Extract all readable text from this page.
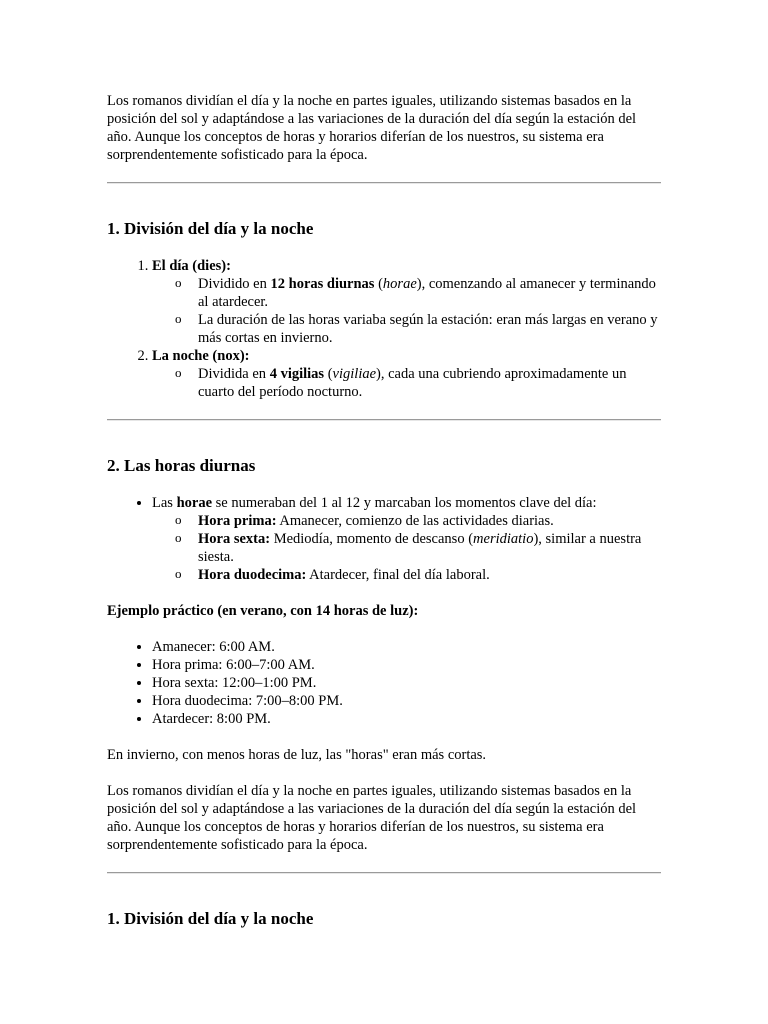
Los romanos dividían el día y la noche en partes iguales, utilizando sistemas basados en la posición del sol y adaptándose a las variaciones de la duración del día según la estación del año. Aunque los conceptos de horas y horarios diferían de los nuestros, su sistema era sorprendentemente sofisticado para la época.

1. División del día y la noche
1. El día (dies):
o Dividido en 12 horas diurnas (horae), comenzando al amanecer y terminando al atardecer.
o La duración de las horas variaba según la estación: eran más largas en verano y más cortas en invierno.
2. La noche (nox):
o Dividida en 4 vigilias (vigiliae), cada una cubriendo aproximadamente un cuarto del período nocturno.
2. Las horas diurnas
• Las horae se numeraban del 1 al 12 y marcaban los momentos clave del día:
o Hora prima: Amanecer, comienzo de las actividades diarias.
o Hora sexta: Mediodía, momento de descanso (meridiatio), similar a nuestra siesta.
o Hora duodecima: Atardecer, final del día laboral.

Ejemplo práctico (en verano, con 14 horas de luz):

• Amanecer: 6:00 AM.
• Hora prima: 6:00–7:00 AM.
• Hora sexta: 12:00–1:00 PM.
• Hora duodecima: 7:00–8:00 PM.
• Atardecer: 8:00 PM.

En invierno, con menos horas de luz, las "horas" eran más cortas.

Los romanos dividían el día y la noche en partes iguales, utilizando sistemas basados en la posición del sol y adaptándose a las variaciones de la duración del día según la estación del año. Aunque los conceptos de horas y horarios diferían de los nuestros, su sistema era sorprendentemente sofisticado para la época.

1. División del día y la noche
